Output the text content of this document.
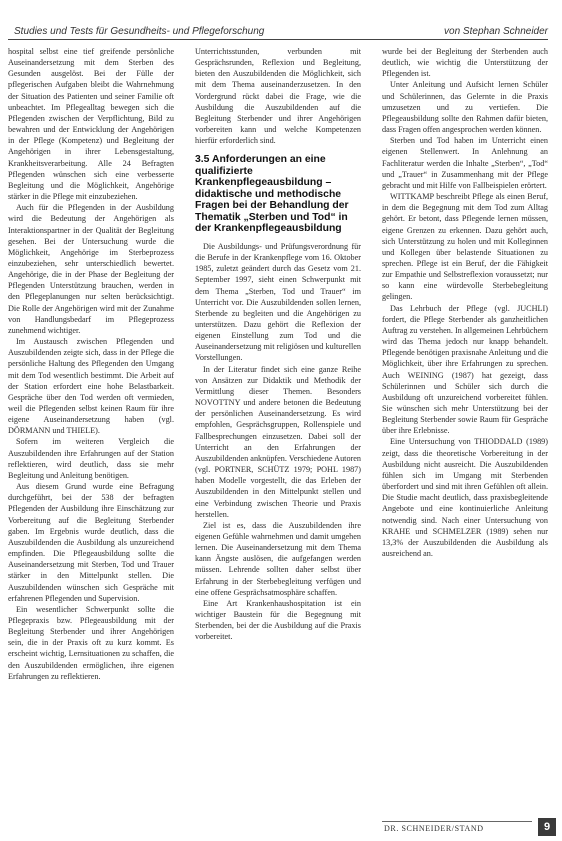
Studies und Tests für Gesundheits- und Pflegeforschung	von Stephan Schneider

hospital selbst eine tief greifende persönliche Auseinandersetzung mit dem Sterben des Gesunden ausgelöst. Bei der Fülle der pflegerischen Aufgaben bleibt die Wahrnehmung der Situation des Patienten und seiner Familie oft unbeachtet. Im Pflegealltag bewegen sich die Pflegenden zwischen der Verpflichtung, Bild zu bewahren und der Entwicklung der Angehörigen in der Pflege (Kompetenz) und Begleitung der Angehörigen in ihrer Lebensgestaltung, Krankheitsverarbeitung. Alle 24 Befragten Pflegenden wünschen sich eine verbesserte Begleitung und die Möglichkeit, Angehörige stärker in die Pflege mit einzubeziehen.

Auch für die Pflegenden in der Ausbildung wird die Bedeutung der Angehörigen als Interaktionspartner in der Qualität der Begleitung gesehen. Bei der Untersuchung wurde die Möglichkeit, Angehörige im Sterbeprozess einzubeziehen, sehr unterschiedlich bewertet. Angehörige, die in der Phase der Begleitung der Pflegenden Unterstützung brauchen, werden in den Pflegeplanungen nur selten berücksichtigt. Die Rolle der Angehörigen wird mit der Zunahme von Handlungsbedarf im Pflegeprozess zunehmend wichtiger.

Im Austausch zwischen Pflegenden und Auszubildenden zeigte sich, dass in der Pflege die persönliche Haltung des Pflegenden den Umgang mit dem Tod wesentlich bestimmt. Die Arbeit auf der Station erfordert eine hohe Belastbarkeit. Gespräche über den Tod werden oft vermieden, weil die Pflegenden selbst keinen Raum für ihre eigene Auseinandersetzung haben (vgl. DÖRMANN und THIELE).

Sofern im weiteren Vergleich die Auszubildenden ihre Erfahrungen auf der Station reflektieren, wird deutlich, dass sie mehr Begleitung und Anleitung benötigen.

Aus diesem Grund wurde eine Befragung durchgeführt, bei der 538 der befragten Pflegenden der Ausbildung ihre Einschätzung zur Vorbereitung auf die Begleitung Sterbender gaben. Im Ergebnis wurde deutlich, dass die Auszubildenden die Ausbildung als unzureichend empfinden. Die Pflegeausbildung sollte die Auseinandersetzung mit Sterben, Tod und Trauer stärker in den Mittelpunkt stellen. Die Auszubildenden wünschen sich Gespräche mit erfahrenen Pflegenden und Supervision.

Ein wesentlicher Schwerpunkt sollte die Pflegepraxis bzw. Pflegeausbildung mit der Begleitung Sterbender und ihrer Angehörigen sein, die in der Praxis oft zu kurz kommt. Es erscheint wichtig, Lernsituationen zu schaffen, die den Auszubildenden ermöglichen, ihre eigenen Erfahrungen zu reflektieren.

Unterrichtsstunden, verbunden mit Gesprächsrunden, Reflexion und Begleitung, bieten den Auszubildenden die Möglichkeit, sich mit dem Thema auseinanderzusetzen. In den Vordergrund rückt dabei die Frage, wie die Ausbildung die Auszubildenden auf die Begleitung Sterbender und ihrer Angehörigen vorbereiten kann und welche Kompetenzen hierfür erforderlich sind.

3.5 Anforderungen an eine qualifizierte Krankenpflegeausbildung – didaktische und methodische Fragen bei der Behandlung der Thematik „Sterben und Tod“ in der Krankenpflegeausbildung

Die Ausbildungs- und Prüfungsverordnung für die Berufe in der Krankenpflege vom 16. Oktober 1985, zuletzt geändert durch das Gesetz vom 21. September 1997, sieht einen Schwerpunkt mit dem Thema „Sterben, Tod und Trauer“ im Unterricht vor. Die Auszubildenden sollen lernen, Sterbende zu begleiten und die Angehörigen zu unterstützen. Dazu gehört die Reflexion der eigenen Einstellung zum Tod und die Auseinandersetzung mit religiösen und kulturellen Vorstellungen.

In der Literatur findet sich eine ganze Reihe von Ansätzen zur Didaktik und Methodik der Vermittlung dieser Themen. Besonders NOVOTTNY und andere betonen die Bedeutung der persönlichen Auseinandersetzung. Es wird empfohlen, Gesprächsgruppen, Rollenspiele und Fallbesprechungen einzusetzen. Dabei soll der Unterricht an den Erfahrungen der Auszubildenden anknüpfen. Verschiedene Autoren (vgl. PORTNER, SCHÜTZ 1979; POHL 1987) haben Modelle vorgestellt, die das Erleben der Auszubildenden in den Mittelpunkt stellen und eine Verbindung zwischen Theorie und Praxis herstellen.

Ziel ist es, dass die Auszubildenden ihre eigenen Gefühle wahrnehmen und damit umgehen lernen. Die Auseinandersetzung mit dem Thema kann Ängste auslösen, die aufgefangen werden müssen. Lehrende sollten daher selbst über Erfahrung in der Sterbebegleitung verfügen und eine offene Gesprächsatmosphäre schaffen.

Eine Art Krankenhaushospitation ist ein wichtiger Baustein für die Begegnung mit Sterbenden, bei der die Ausbildung auf die Praxis vorbereitet.

wurde bei der Begleitung der Sterbenden auch deutlich, wie wichtig die Unterstützung der Pflegenden ist.

Unter Anleitung und Aufsicht lernen Schüler und Schülerinnen, das Gelernte in die Praxis umzusetzen und zu vertiefen. Die Pflegeausbildung sollte den Rahmen dafür bieten, dass Fragen offen angesprochen werden können.

Sterben und Tod haben im Unterricht einen eigenen Stellenwert. In Anlehnung an Fachliteratur werden die Inhalte „Sterben“, „Tod“ und „Trauer“ in Zusammenhang mit der Pflege gebracht und mit Hilfe von Fallbeispielen erörtert.

WITTKAMP beschreibt Pflege als einen Beruf, in dem die Begegnung mit dem Tod zum Alltag gehört. Er betont, dass Pflegende lernen müssen, eigene Grenzen zu erkennen. Dazu gehört auch, sich Unterstützung zu holen und mit Kolleginnen und Kollegen über belastende Situationen zu sprechen. Pflege ist ein Beruf, der die Fähigkeit zur Empathie und Selbstreflexion voraussetzt; nur so kann eine würdevolle Sterbebegleitung gelingen.

Das Lehrbuch der Pflege (vgl. JUCHLI) fordert, die Pflege Sterbender als ganzheitlichen Auftrag zu verstehen. In allgemeinen Lehrbüchern wird das Thema jedoch nur knapp behandelt. Pflegende benötigen praxisnahe Anleitung und die Möglichkeit, über ihre Erfahrungen zu sprechen. Auch WEINING (1987) hat gezeigt, dass Schülerinnen und Schüler sich durch die Ausbildung oft unzureichend vorbereitet fühlen. Sie wünschen sich mehr Unterstützung bei der Begleitung Sterbender sowie Raum für Gespräche über ihre Erlebnisse.

Eine Untersuchung von THIODDALD (1989) zeigt, dass die theoretische Vorbereitung in der Ausbildung nicht ausreicht. Die Auszubildenden fühlen sich im Umgang mit Sterbenden überfordert und sind mit ihren Gefühlen oft allein. Die Studie macht deutlich, dass praxisbegleitende Angebote und eine kontinuierliche Anleitung notwendig sind. Nach einer Untersuchung von KRAHE und SCHMELZER (1989) sehen nur 13,3% der Auszubildenden die Ausbildung als ausreichend an.

DR. SCHNEIDER/STAND	9
